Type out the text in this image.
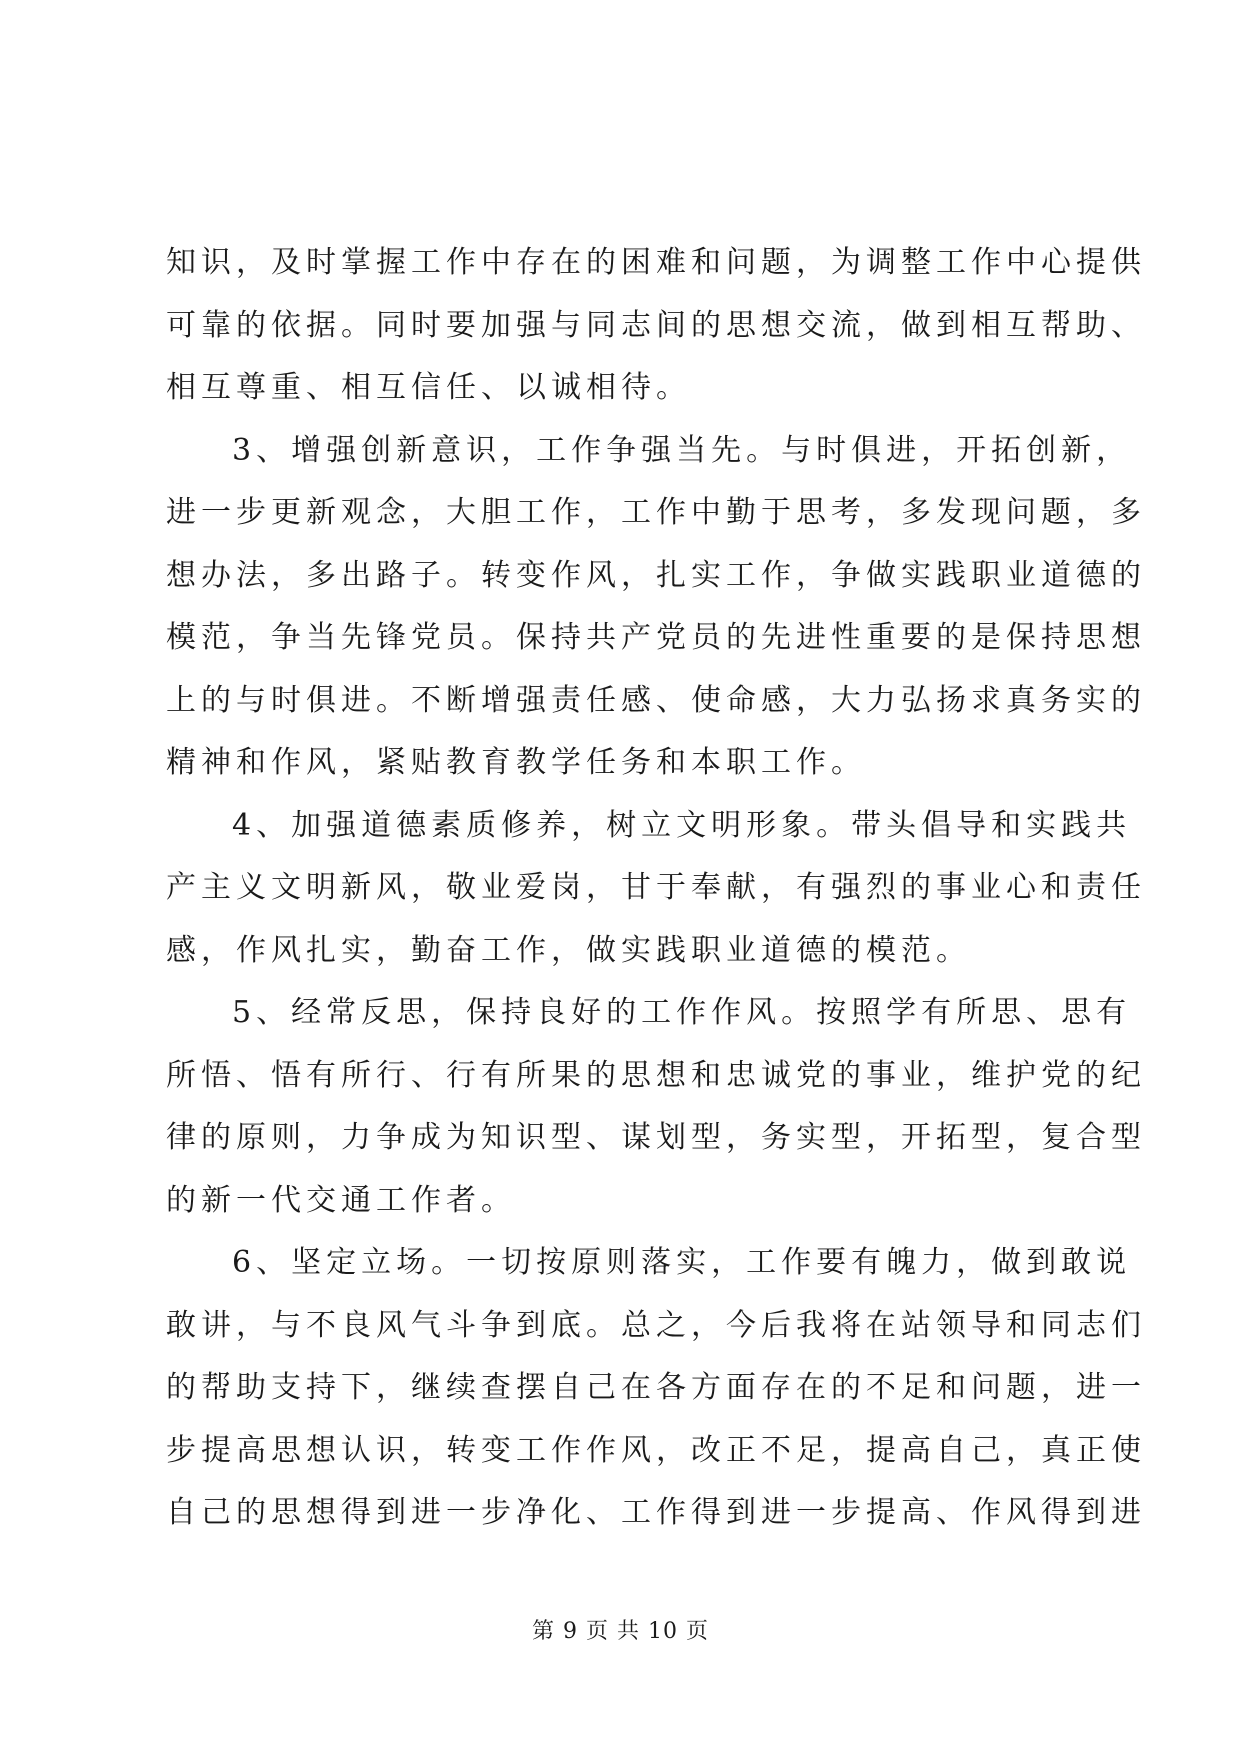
知识，及时掌握工作中存在的困难和问题，为调整工作中心提供
可靠的依据。同时要加强与同志间的思想交流，做到相互帮助、
相互尊重、相互信任、以诚相待。
3、增强创新意识，工作争强当先。与时俱进，开拓创新，
进一步更新观念，大胆工作，工作中勤于思考，多发现问题，多
想办法，多出路子。转变作风，扎实工作，争做实践职业道德的
模范，争当先锋党员。保持共产党员的先进性重要的是保持思想
上的与时俱进。不断增强责任感、使命感，大力弘扬求真务实的
精神和作风，紧贴教育教学任务和本职工作。
4、加强道德素质修养，树立文明形象。带头倡导和实践共
产主义文明新风，敬业爱岗，甘于奉献，有强烈的事业心和责任
感，作风扎实，勤奋工作，做实践职业道德的模范。
5、经常反思，保持良好的工作作风。按照学有所思、思有
所悟、悟有所行、行有所果的思想和忠诚党的事业，维护党的纪
律的原则，力争成为知识型、谋划型，务实型，开拓型，复合型
的新一代交通工作者。
6、坚定立场。一切按原则落实，工作要有魄力，做到敢说
敢讲，与不良风气斗争到底。总之，今后我将在站领导和同志们
的帮助支持下，继续查摆自己在各方面存在的不足和问题，进一
步提高思想认识，转变工作作风，改正不足，提高自己，真正使
自己的思想得到进一步净化、工作得到进一步提高、作风得到进
第 9 页 共 10 页
